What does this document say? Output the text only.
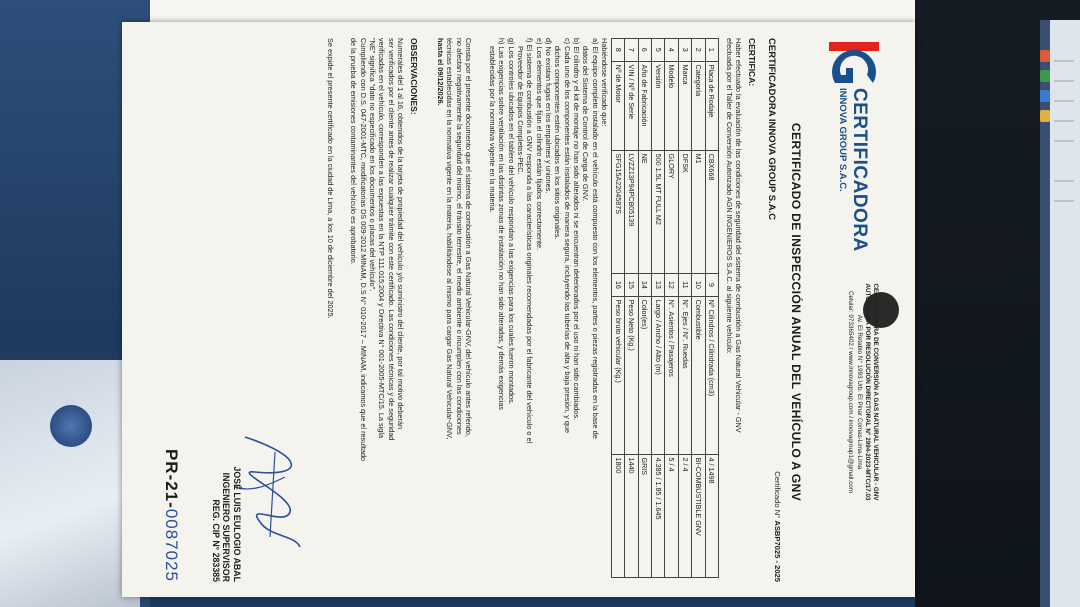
CERTIFICADORA
INNOVA GROUP S.A.C.
CERTIFICADORA DE CONVERSIÓN A GAS NATURAL VEHICULAR - GNV
AUTORIZADA POR RESOLUCIÓN DIRECTORAL N° 2994-2023-MTC/17.03
Av. El Retablo N° 1993 Urb. El Pinar Comas-Lima-Lima
Celular: 973365402 / www.innovagroup.com / innovagroup1@gmail.com
CERTIFICADO DE INSPECCIÓN ANUAL DEL VEHÍCULO A GNV
Certificado N° ASBP7025 - 2025
CERTIFICADORA INNOVA GROUP S.A.C
CERTIFICA:
Haber efectuado la evaluación de las condiciones de seguridad del sistema de combustión a Gas Natural Vehicular - GNV
efectuada por el Taller de Conversión Autorizado AGN INGENIEROS S.A.C. al siguiente vehículo:
1	Placa de Rodaje	CBX668	9	Nº Cilindros / Cilindrada (cm3)	4 / 1498
2	Categoría	M1	10	Combustible	BI-COMBUSTIBLE GNV
3	Marca	DFSK	11	N°. Ejes / N°. Ruedas	2 / 4
4	Modelo	GLORY	12	N°. Asientos / Pasajeros	5 / 4
5	Versión	500 1.5L MT FULL M2	13	Largo / Ancho / Alto (m)	4.385 / 1.85 / 1.645
6	Año de Fabricación	NE	14	Color(es)	GRIS
7	VIN / Nº de Serie	LVZZ13P94PCB05139	15	Peso Neto (Kg.)	1440
8	Nº de Motor	SFG15A2204587S	16	Peso bruto vehicular (Kg.)	1800
Habiéndose verificado que:
a) El equipo completo instalado en el vehículo está compuesto con los elementos, partes o piezas registradas en la base de
datos del Sistema de Control de Carga de GNV.
b) El cilindro y el kit de montaje no han sido alterados ni se encuentran deteriorados por el uso ni han sido cambiados.
c) Cada uno de los componentes están instalados de manera segura, incluyendo las tuberías de alta y baja presión, y que
dichos componentes estén ubicados en los sitios originales.
d) No existan fugas en los empalmes y uniones.
e) Los elementos que fijan el cilindro están fijados correctamente.
f) El sistema de combustión a GNV responda a las características originales recomendadas por el fabricante del vehículo o el
Proveedor de Equipos Completos-PEC.
g) Los controles ubicados en el tablero del vehículo respondan a las exigencias para los cuales fueron montados.
h) Las exigencias sobre ventilación en las distintas zonas de instalación no han sido alteradas, y demás exigencias
establecidas por la normativa vigente en la materia.
Consta por el presente documento que el sistema de combustión a Gas Natural Vehicular-GNV, del vehículo antes referido,
no afectan negativamente la seguridad del mismo, el tránsito terrestre, el medio ambiente o incumplen con las condiciones
técnicas establecidas en la normativa vigente en la materia, habilitándose al mismo para cargar Gas Natural Vehicular-GNV,
hasta el 09/12/2026.
OBSERVACIONES:
Numerales del 1 al 16, obtenidos de la tarjeta de propiedad del vehículo y/o suministro del cliente, por tal motivo deberán
ser verificados por el cliente antes de realizar cualquier trámite con este certificado. Las condiciones técnicas y de seguridad
verificadas en el vehículo, corresponden a las expuestas en la NTP 111.015:2004 y Directiva N° 001-2005-MTC/15. La sigla
"NE" significa "dato no especificado en los documentos o placas del vehículo".
Cumpliendo con D.S. 047-2001-MTC, modificatorias DS 009-2012 MINAM, D.S N° 010-2017 – MINAM, indicamos que el resultado
de la prueba de emisiones contaminantes del vehículo es aprobatorio.
Se expide el presente certificado en la ciudad de Lima, a los 10 de diciembre del 2025.
JOSÉ LUIS EULOGIO ABAL
INGENIERO SUPERVISOR
REG. CIP N° 283385
PR-21-0087025
